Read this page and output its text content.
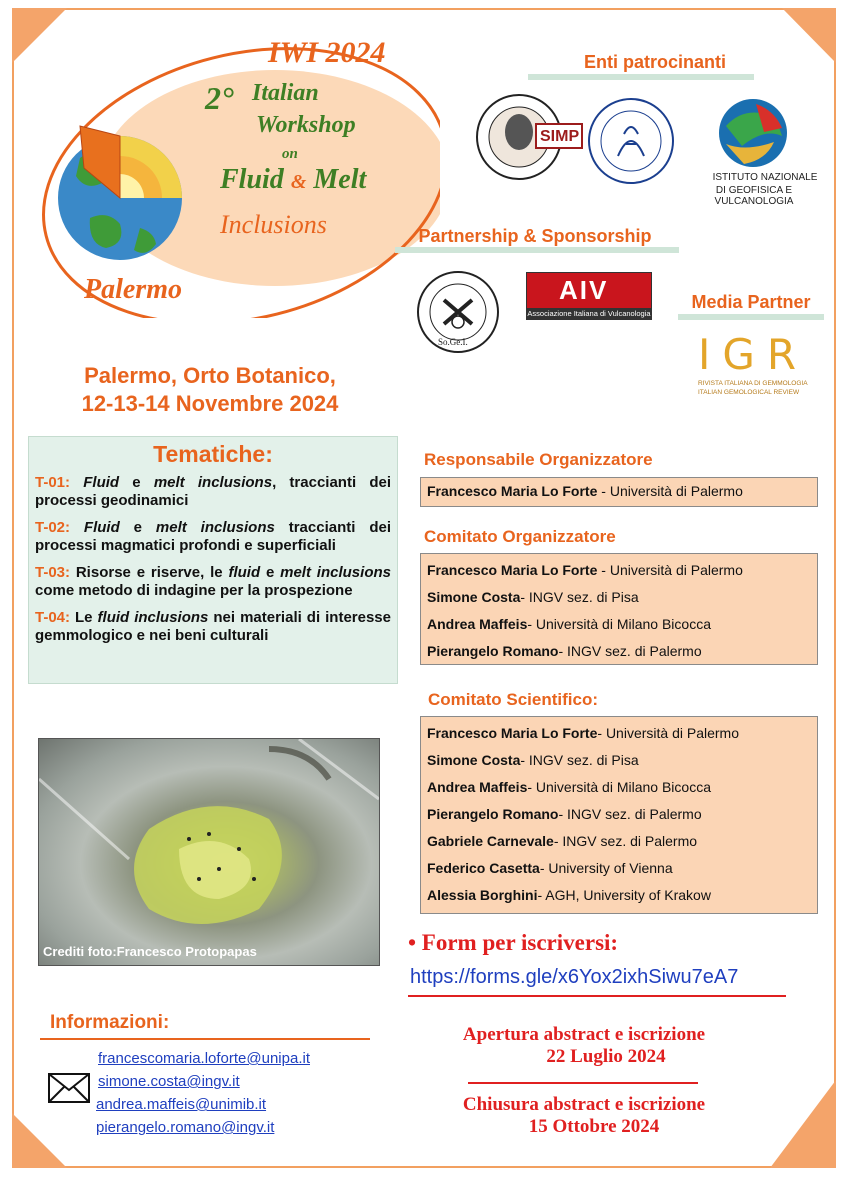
IWI 2024
2° Italian
Workshop
on
Fluid & Melt
Inclusions
Palermo
Enti patrocinanti
SIMP
ISTITUTO NAZIONALE
DI GEOFISICA E VULCANOLOGIA
Partnership & Sponsorship
So.Ge.I.
AIV
Associazione Italiana di Vulcanologia
Media Partner
IGR
RIVISTA ITALIANA DI GEMMOLOGIA
ITALIAN GEMOLOGICAL REVIEW
Palermo, Orto Botanico,
12-13-14 Novembre 2024
Tematiche:
T-01: Fluid e melt inclusions, traccianti dei processi geodinamici
T-02: Fluid e melt inclusions traccianti dei processi magmatici profondi e superficiali
T-03: Risorse e riserve, le fluid e melt inclusions come metodo di indagine per la prospezione
T-04: Le fluid inclusions nei materiali di interesse gemmologico e nei beni culturali
Responsabile Organizzatore
Francesco Maria Lo Forte - Università di Palermo
Comitato Organizzatore
Francesco Maria Lo Forte - Università di Palermo
Simone Costa- INGV sez. di Pisa
Andrea Maffeis- Università di Milano Bicocca
Pierangelo Romano- INGV sez. di Palermo
Comitato Scientifico:
Francesco Maria Lo Forte- Università di Palermo
Simone Costa- INGV sez. di Pisa
Andrea Maffeis- Università di Milano Bicocca
Pierangelo Romano- INGV sez. di Palermo
Gabriele Carnevale- INGV sez. di Palermo
Federico Casetta- University of Vienna
Alessia Borghini- AGH, University of Krakow
Crediti foto:Francesco Protopapas	• Form per iscriversi:
https://forms.gle/x6Yox2ixhSiwu7eA7
Informazioni:
francescomaria.loforte@unipa.it
simone.costa@ingv.it
andrea.maffeis@unimib.it
pierangelo.romano@ingv.it
Apertura abstract e iscrizione
22 Luglio 2024
Chiusura abstract e iscrizione
15 Ottobre 2024
